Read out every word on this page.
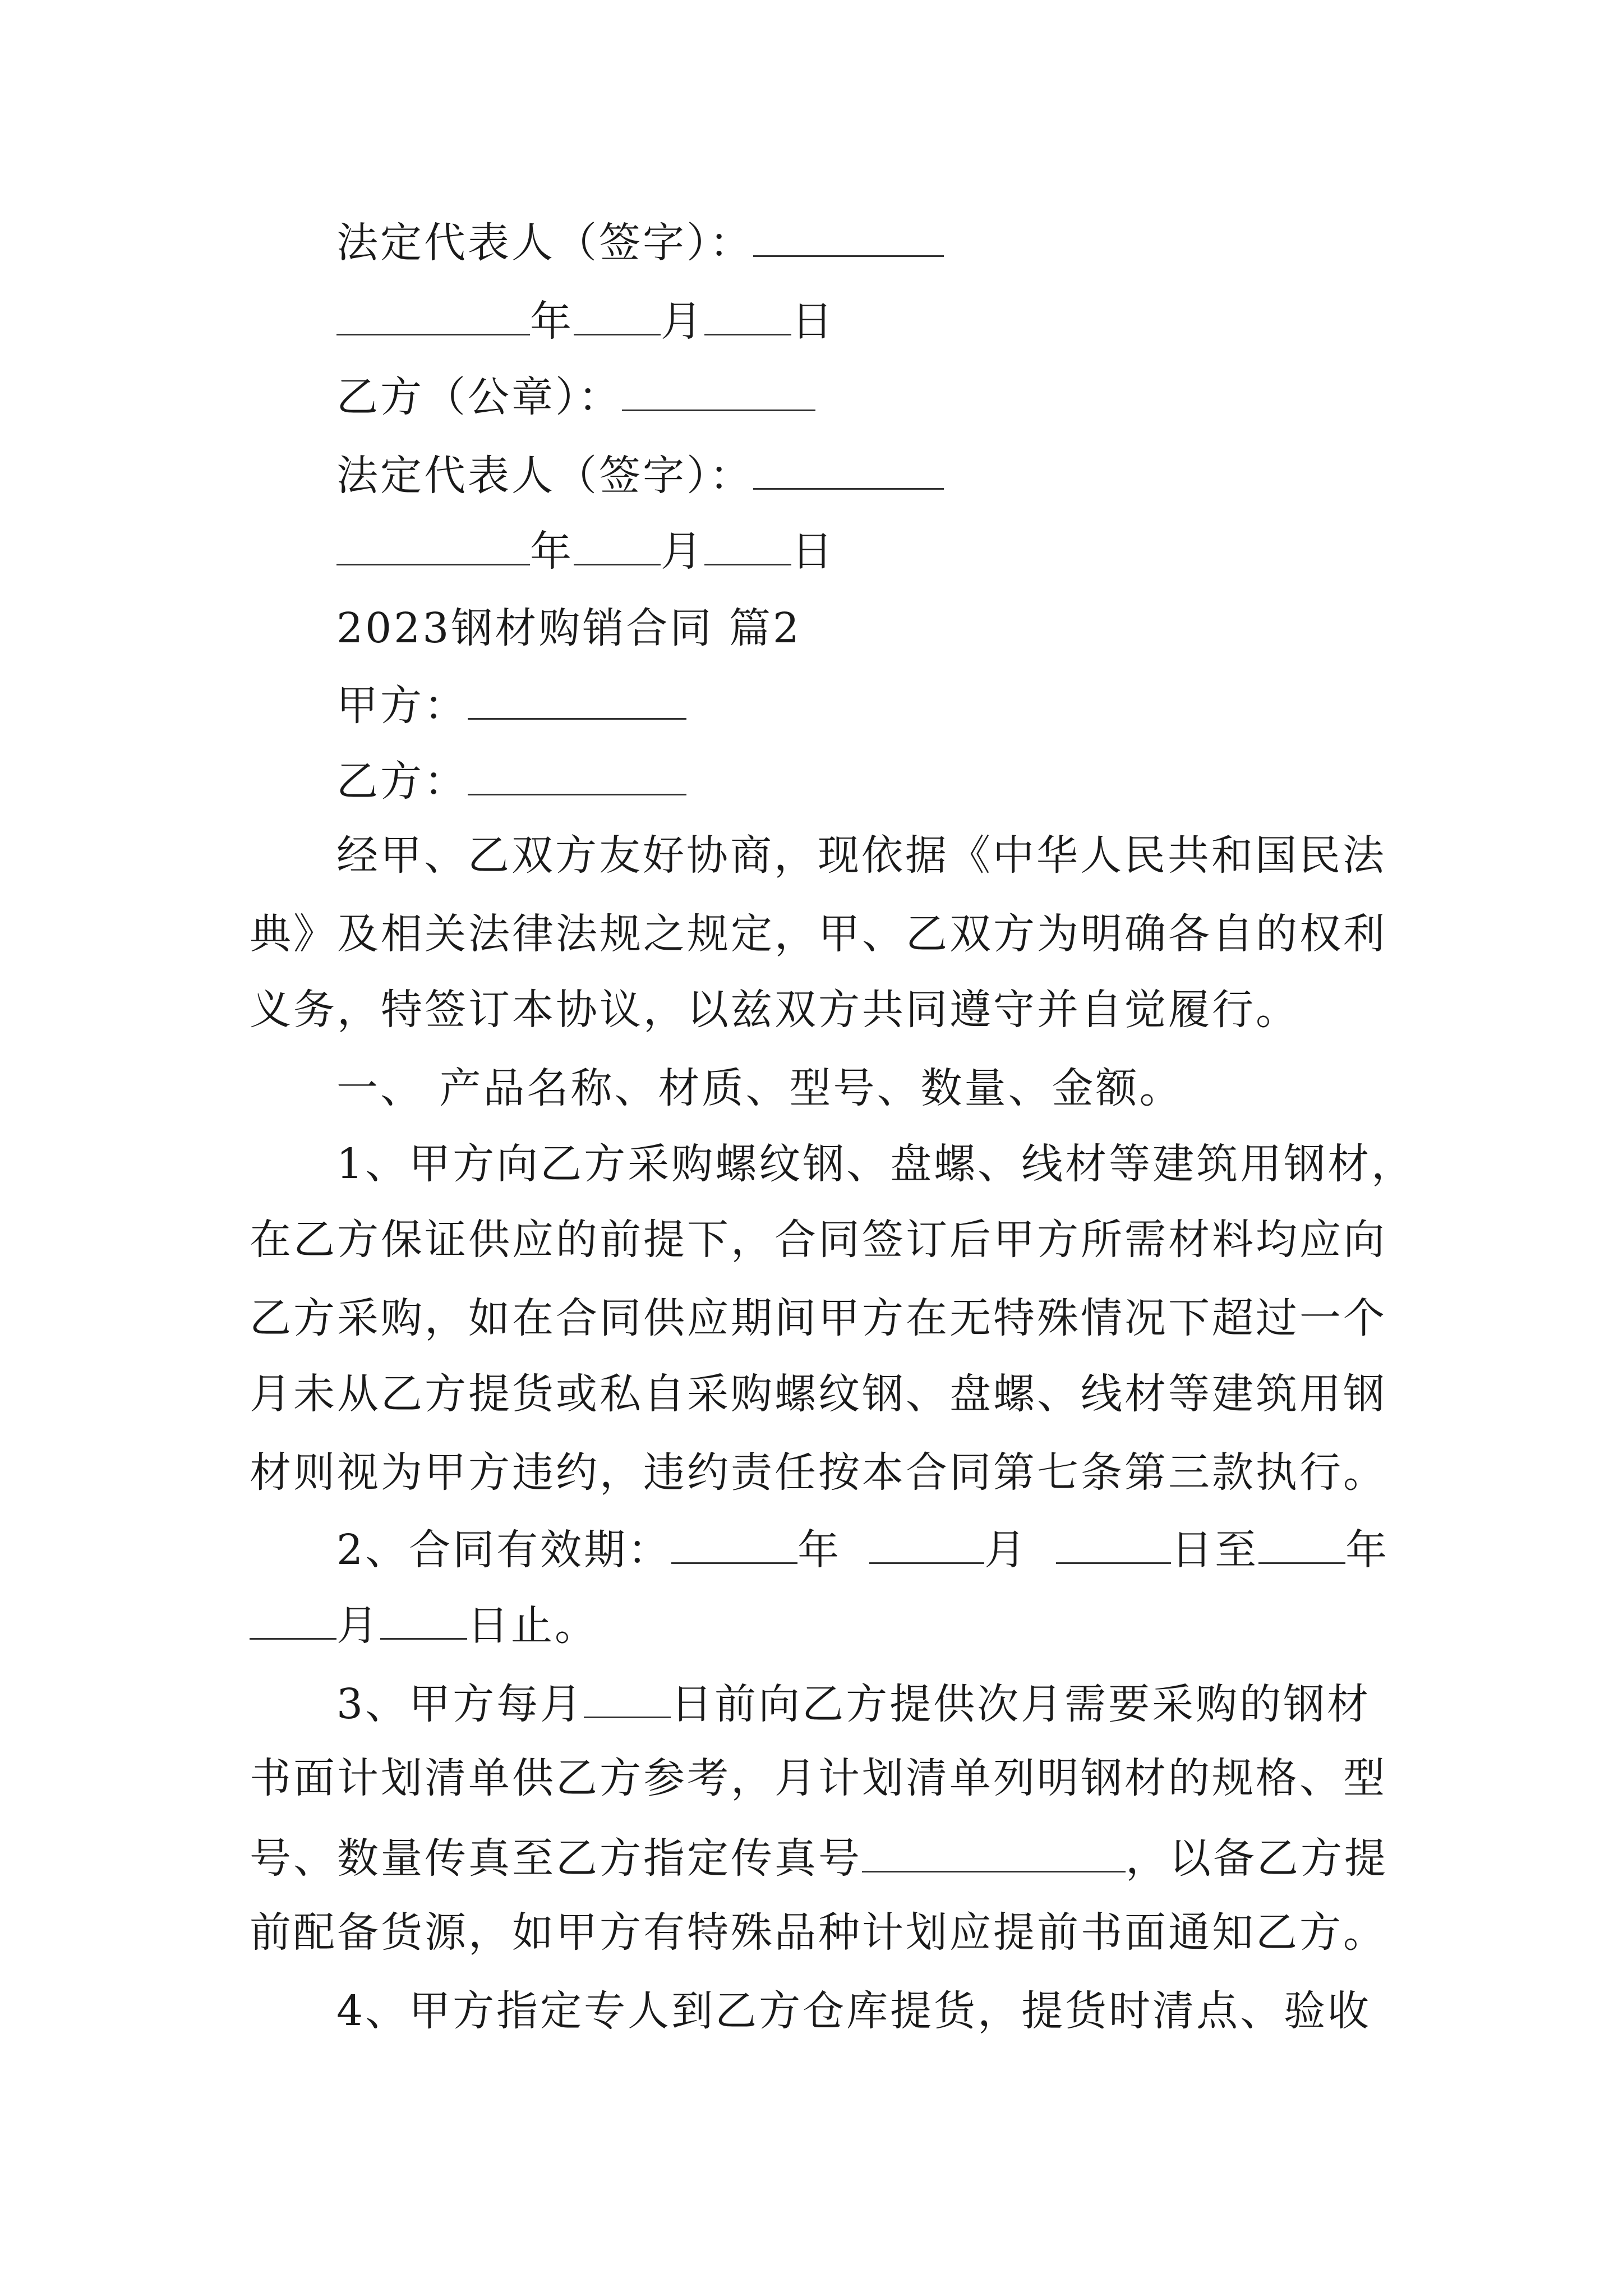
法定代表人（签字）：
年 月 日
乙方（公章）：
法定代表人（签字）：
年 月 日
2023钢材购销合同 篇2
甲方：
乙方：
经甲、乙双方友好协商，现依据《中华人民共和国民法
典》及相关法律法规之规定，甲、乙双方为明确各自的权利
义务，特签订本协议，以兹双方共同遵守并自觉履行。
一、 产品名称、材质、型号、数量、金额。
1、甲方向乙方采购螺纹钢、盘螺、线材等建筑用钢材，
在乙方保证供应的前提下，合同签订后甲方所需材料均应向
乙方采购，如在合同供应期间甲方在无特殊情况下超过一个
月未从乙方提货或私自采购螺纹钢、盘螺、线材等建筑用钢
材则视为甲方违约，违约责任按本合同第七条第三款执行。
2、合同有效期：	年	月	日至 年
月 日止。
3、甲方每月 日前向乙方提供次月需要采购的钢材
书面计划清单供乙方参考，月计划清单列明钢材的规格、型
号、数量传真至乙方指定传真号	，以备乙方提
前配备货源，如甲方有特殊品种计划应提前书面通知乙方。
4、甲方指定专人到乙方仓库提货，提货时清点、验收
